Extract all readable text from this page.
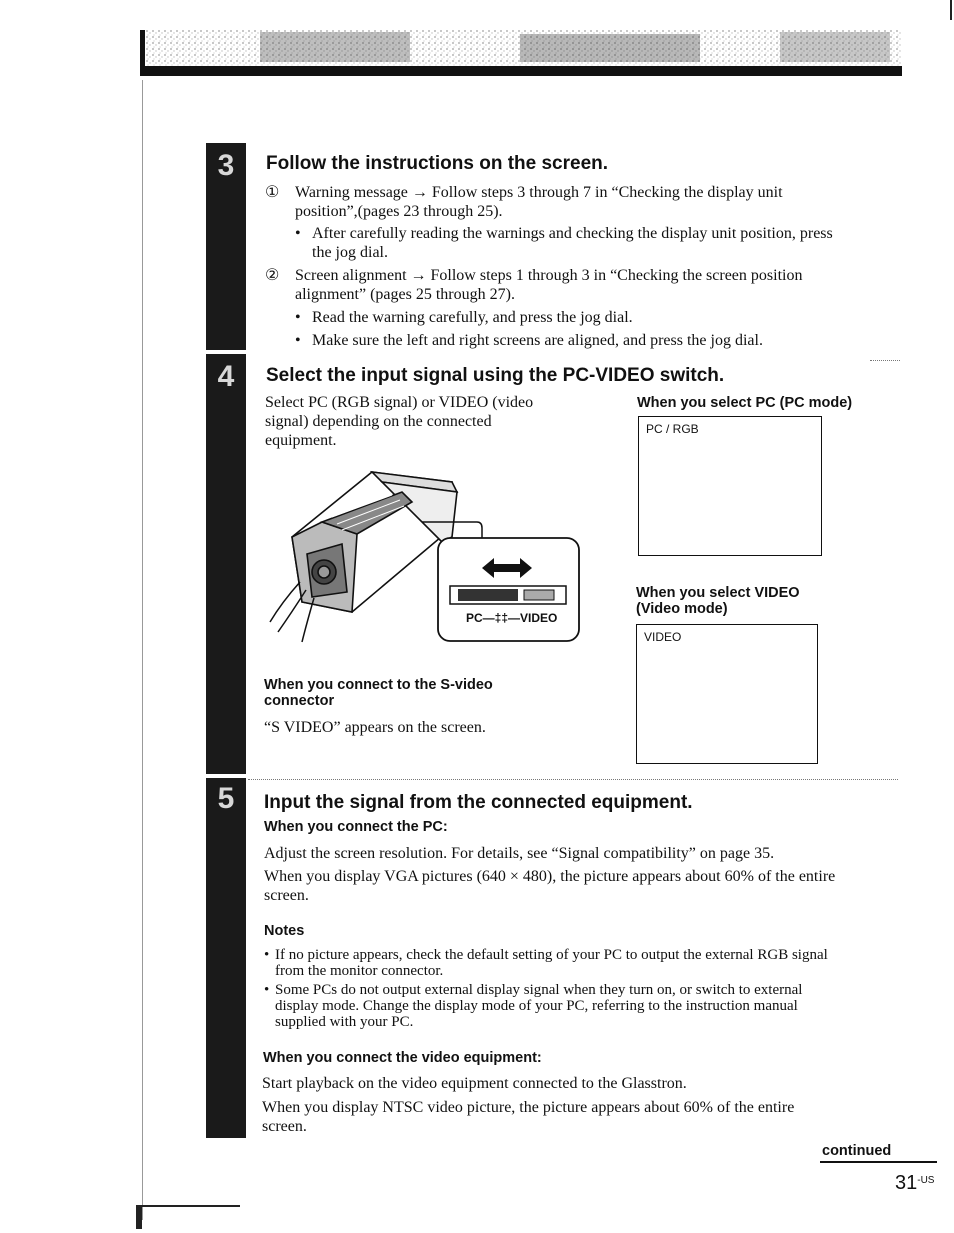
3
4
5
Follow the instructions on the screen.
① Warning message → Follow steps 3 through 7 in “Checking the display unit
position”,(pages 23 through 25).
• After carefully reading the warnings and checking the display unit position, press
the jog dial.
② Screen alignment → Follow steps 1 through 3 in “Checking the screen position
alignment” (pages 25 through 27).
• Read the warning carefully, and press the jog dial.
• Make sure the left and right screens are aligned, and press the jog dial.
Select the input signal using the PC-VIDEO switch.
Select PC (RGB signal) or VIDEO (video
signal) depending on the connected
equipment.
PC—‡‡—VIDEO
When you select PC (PC mode)
PC / RGB
When you select VIDEO
(Video mode)
VIDEO
When you connect to the S-video
connector
“S VIDEO” appears on the screen.
Input the signal from the connected equipment.
When you connect the PC:
Adjust the screen resolution. For details, see “Signal compatibility” on page 35.
When you display VGA pictures (640 × 480), the picture appears about 60% of the entire
screen.
Notes
• If no picture appears, check the default setting of your PC to output the external RGB signal
from the monitor connector.
• Some PCs do not output external display signal when they turn on, or switch to external
display mode. Change the display mode of your PC, referring to the instruction manual
supplied with your PC.
When you connect the video equipment:
Start playback on the video equipment connected to the Glasstron.
When you display NTSC video picture, the picture appears about 60% of the entire
screen.
continued
$31^{-US}$
